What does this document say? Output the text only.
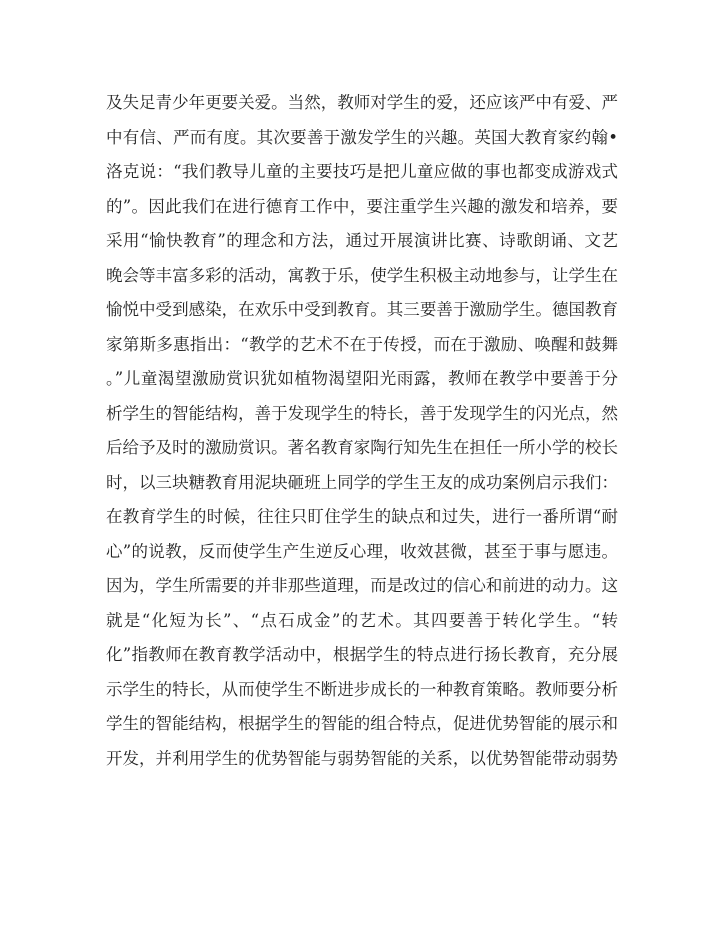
及失足青少年更要关爱。当然，教师对学生的爱，还应该严中有爱、严
中有信、严而有度。其次要善于激发学生的兴趣。英国大教育家约翰•
洛克说：“我们教导儿童的主要技巧是把儿童应做的事也都变成游戏式
的”。因此我们在进行德育工作中，要注重学生兴趣的激发和培养，要
采用“愉快教育”的理念和方法，通过开展演讲比赛、诗歌朗诵、文艺
晚会等丰富多彩的活动，寓教于乐，使学生积极主动地参与，让学生在
愉悦中受到感染，在欢乐中受到教育。其三要善于激励学生。德国教育
家第斯多惠指出：“教学的艺术不在于传授，而在于激励、唤醒和鼓舞
。”儿童渴望激励赏识犹如植物渴望阳光雨露，教师在教学中要善于分
析学生的智能结构，善于发现学生的特长，善于发现学生的闪光点，然
后给予及时的激励赏识。著名教育家陶行知先生在担任一所小学的校长
时，以三块糖教育用泥块砸班上同学的学生王友的成功案例启示我们：
在教育学生的时候，往往只盯住学生的缺点和过失，进行一番所谓“耐
心”的说教，反而使学生产生逆反心理，收效甚微，甚至于事与愿违。
因为，学生所需要的并非那些道理，而是改过的信心和前进的动力。这
就是“化短为长”、“点石成金”的艺术。其四要善于转化学生。“转
化”指教师在教育教学活动中，根据学生的特点进行扬长教育，充分展
示学生的特长，从而使学生不断进步成长的一种教育策略。教师要分析
学生的智能结构，根据学生的智能的组合特点，促进优势智能的展示和
开发，并利用学生的优势智能与弱势智能的关系，以优势智能带动弱势
